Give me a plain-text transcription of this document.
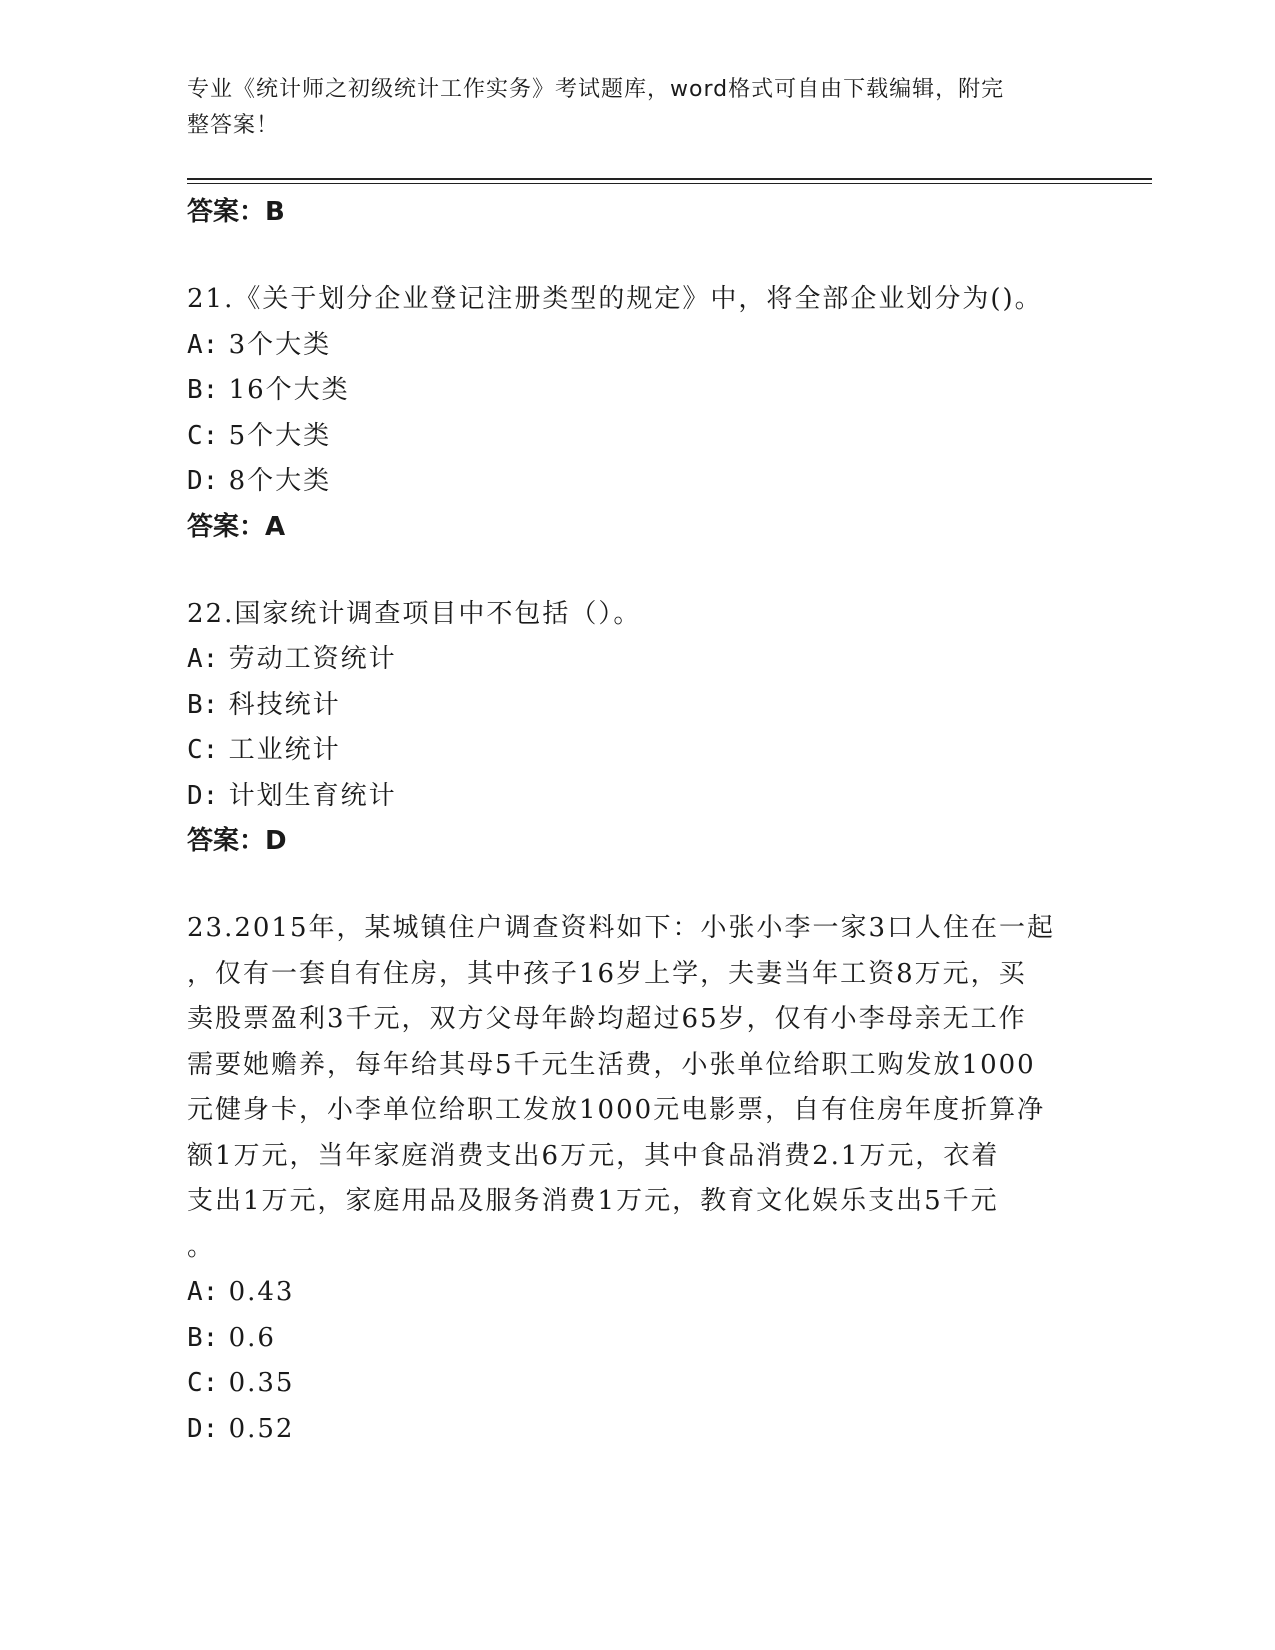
专业《统计师之初级统计工作实务》考试题库，word格式可自由下载编辑，附完
整答案！
答案：B
21.《关于划分企业登记注册类型的规定》中，将全部企业划分为()。
A: 3个大类
B: 16个大类
C: 5个大类
D: 8个大类
答案：A
22.国家统计调查项目中不包括（）。
A: 劳动工资统计
B: 科技统计
C: 工业统计
D: 计划生育统计
答案：D
23.2015年，某城镇住户调查资料如下：小张小李一家3口人住在一起
，仅有一套自有住房，其中孩子16岁上学，夫妻当年工资8万元，买
卖股票盈利3千元，双方父母年龄均超过65岁，仅有小李母亲无工作
需要她赡养，每年给其母5千元生活费，小张单位给职工购发放1000
元健身卡，小李单位给职工发放1000元电影票，自有住房年度折算净
额1万元，当年家庭消费支出6万元，其中食品消费2.1万元，衣着
支出1万元，家庭用品及服务消费1万元，教育文化娱乐支出5千元
。
A: 0.43
B: 0.6
C: 0.35
D: 0.52
